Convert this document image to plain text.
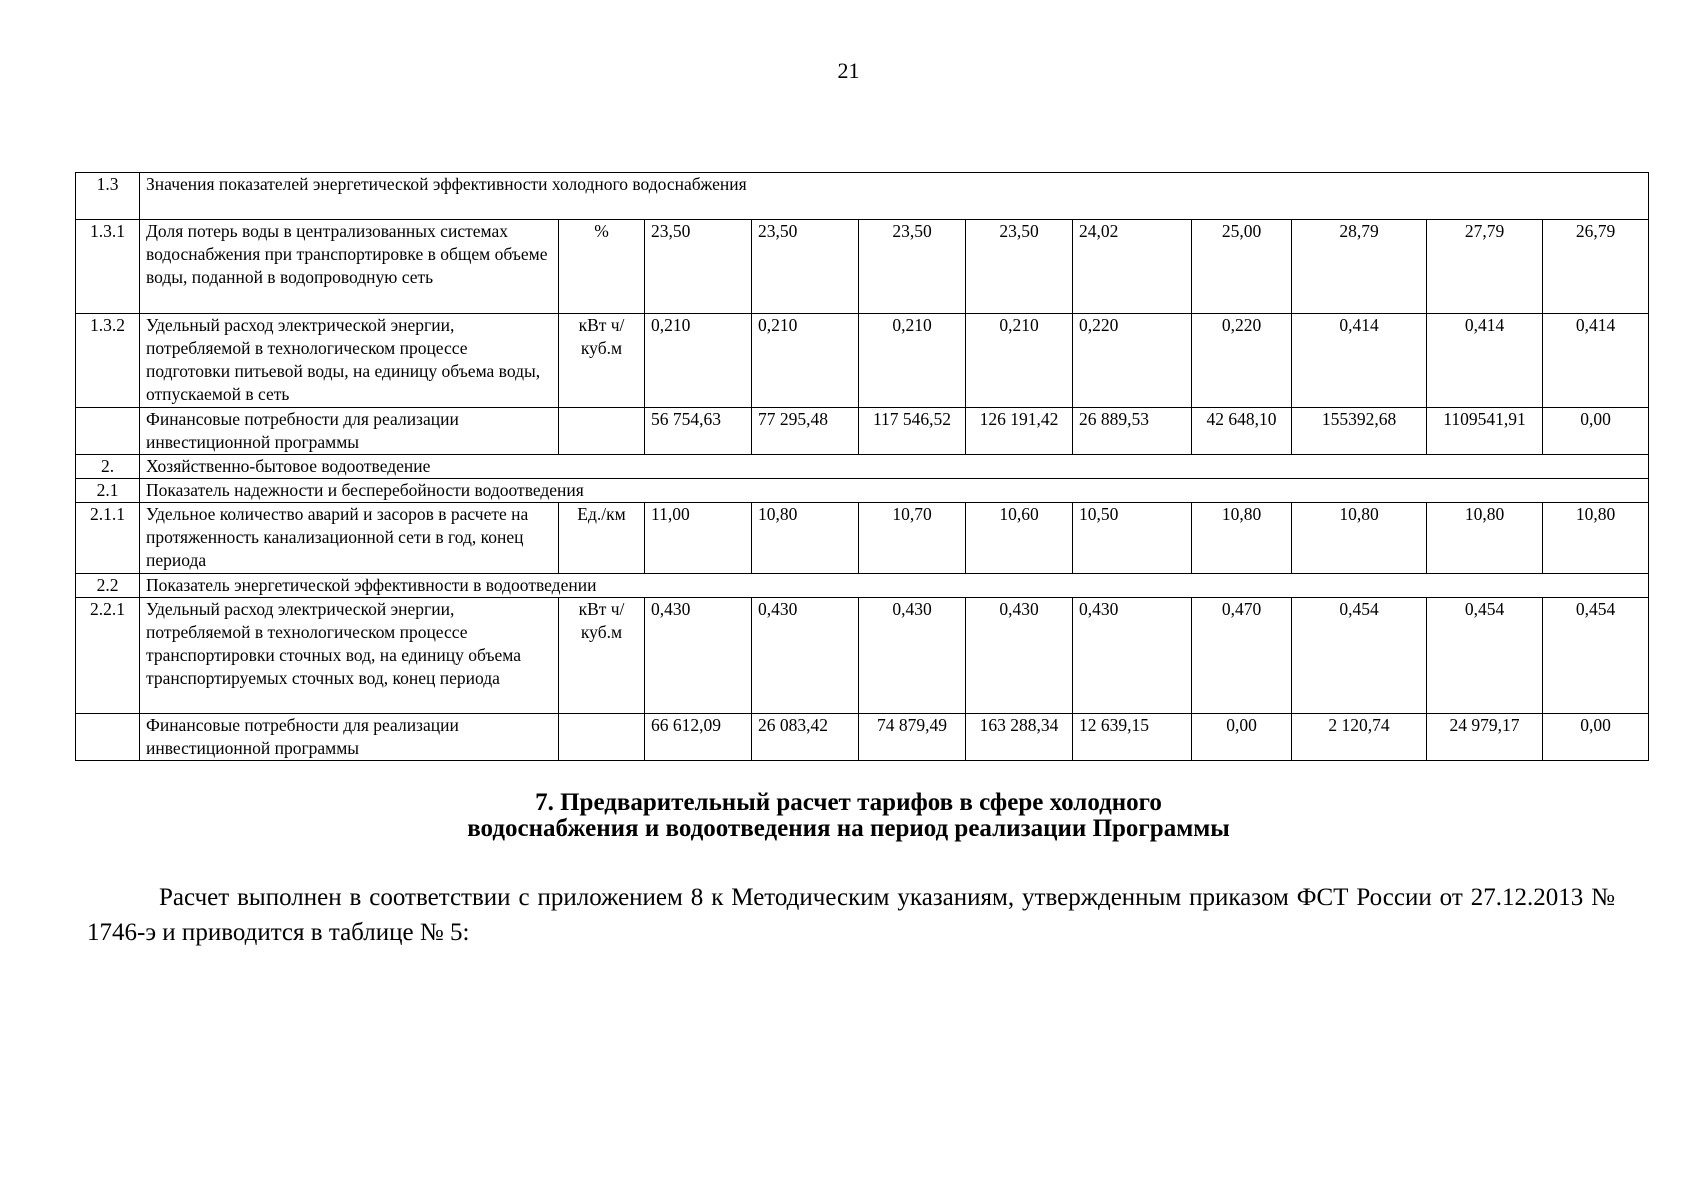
21
1.3	Значения показателей энергетической эффективности холодного водоснабжения										
1.3.1	Доля потерь воды в централизованных системах водоснабжения при транспортировке в общем объеме воды, поданной в водопроводную сеть	%	23,50	23,50	23,50	23,50	24,02	25,00	28,79	27,79	26,79
1.3.2	Удельный расход электрической энергии, потребляемой в технологическом процессе подготовки питьевой воды, на единицу объема воды, отпускаемой в сеть	кВт ч/куб.м	0,210	0,210	0,210	0,210	0,220	0,220	0,414	0,414	0,414
	Финансовые потребности для реализации инвестиционной программы		56 754,63	77 295,48	117 546,52	126 191,42	26 889,53	42 648,10	155392,68	1109541,91	0,00
2.	Хозяйственно-бытовое водоотведение										
2.1	Показатель надежности и бесперебойности водоотведения										
2.1.1	Удельное количество аварий и засоров в расчете на протяженность канализационной сети в год, конец периода	Ед./км	11,00	10,80	10,70	10,60	10,50	10,80	10,80	10,80	10,80
2.2	Показатель энергетической эффективности в водоотведении										
2.2.1	Удельный расход электрической энергии, потребляемой в технологическом процессе транспортировки сточных вод, на единицу объема транспортируемых сточных вод, конец периода	кВт ч/куб.м	0,430	0,430	0,430	0,430	0,430	0,470	0,454	0,454	0,454
	Финансовые потребности для реализации инвестиционной программы		66 612,09	26 083,42	74 879,49	163 288,34	12 639,15	0,00	2 120,74	24 979,17	0,00
7. Предварительный расчет тарифов в сфере холодного
водоснабжения и водоотведения на период реализации Программы
Расчет выполнен в соответствии с приложением 8 к Методическим указаниям, утвержденным приказом ФСТ России от 27.12.2013 № 1746-э и приводится в таблице № 5:
